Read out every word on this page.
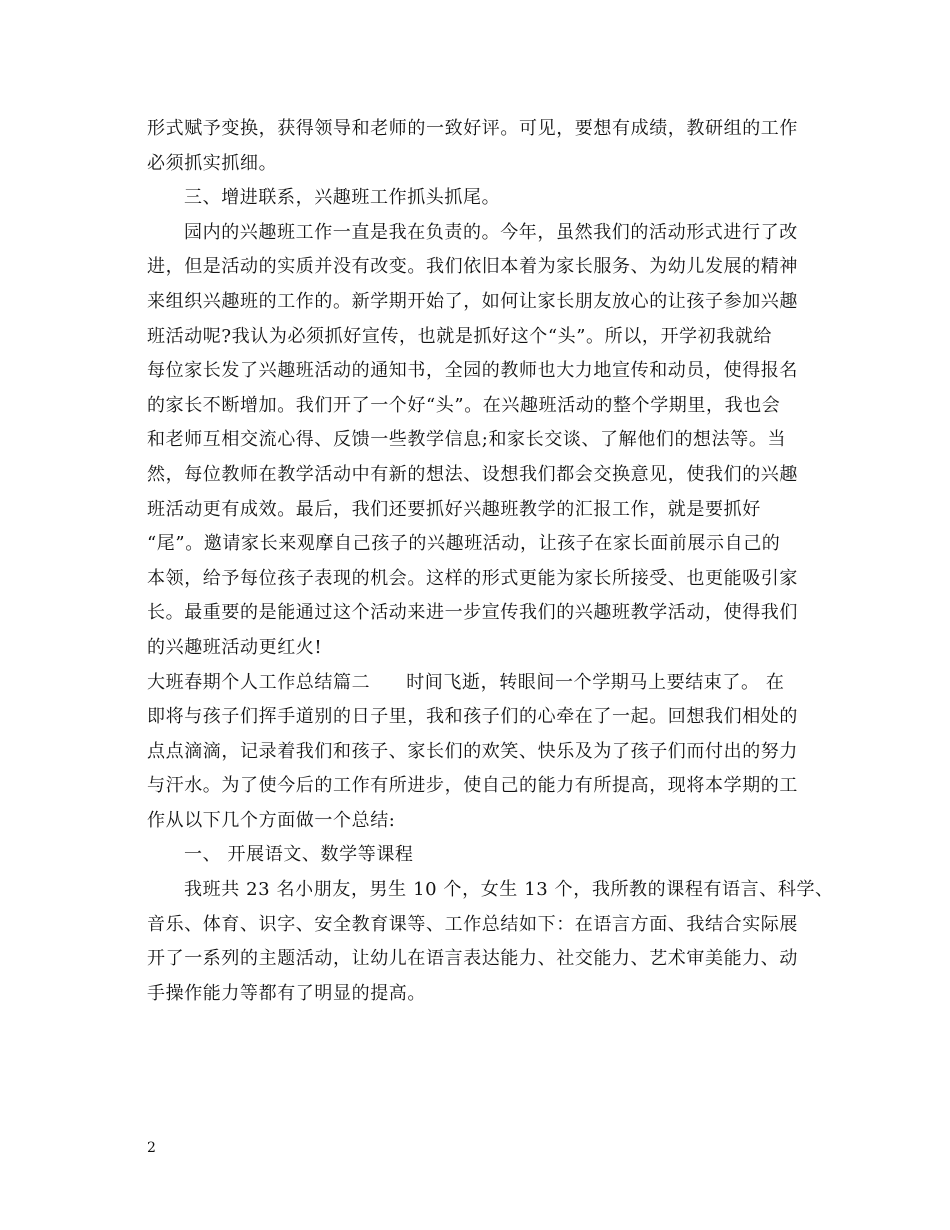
形式赋予变换，获得领导和老师的一致好评。可见，要想有成绩，教研组的工作
必须抓实抓细。
三、增进联系，兴趣班工作抓头抓尾。
园内的兴趣班工作一直是我在负责的。今年，虽然我们的活动形式进行了改
进，但是活动的实质并没有改变。我们依旧本着为家长服务、为幼儿发展的精神
来组织兴趣班的工作的。新学期开始了，如何让家长朋友放心的让孩子参加兴趣
班活动呢?我认为必须抓好宣传，也就是抓好这个“头”。所以，开学初我就给
每位家长发了兴趣班活动的通知书，全园的教师也大力地宣传和动员，使得报名
的家长不断增加。我们开了一个好“头”。在兴趣班活动的整个学期里，我也会
和老师互相交流心得、反馈一些教学信息;和家长交谈、了解他们的想法等。当
然，每位教师在教学活动中有新的想法、设想我们都会交换意见，使我们的兴趣
班活动更有成效。最后，我们还要抓好兴趣班教学的汇报工作，就是要抓好
“尾”。邀请家长来观摩自己孩子的兴趣班活动，让孩子在家长面前展示自己的
本领，给予每位孩子表现的机会。这样的形式更能为家长所接受、也更能吸引家
长。最重要的是能通过这个活动来进一步宣传我们的兴趣班教学活动，使得我们
的兴趣班活动更红火!
大班春期个人工作总结篇二 时间飞逝，转眼间一个学期马上要结束了。 在
即将与孩子们挥手道别的日子里，我和孩子们的心牵在了一起。回想我们相处的
点点滴滴，记录着我们和孩子、家长们的欢笑、快乐及为了孩子们而付出的努力
与汗水。为了使今后的工作有所进步，使自己的能力有所提高，现将本学期的工
作从以下几个方面做一个总结:
一、 开展语文、数学等课程
我班共 23 名小朋友，男生 10 个，女生 13 个，我所教的课程有语言、科学、
音乐、体育、识字、安全教育课等、工作总结如下：在语言方面、我结合实际展
开了一系列的主题活动，让幼儿在语言表达能力、社交能力、艺术审美能力、动
手操作能力等都有了明显的提高。
2
